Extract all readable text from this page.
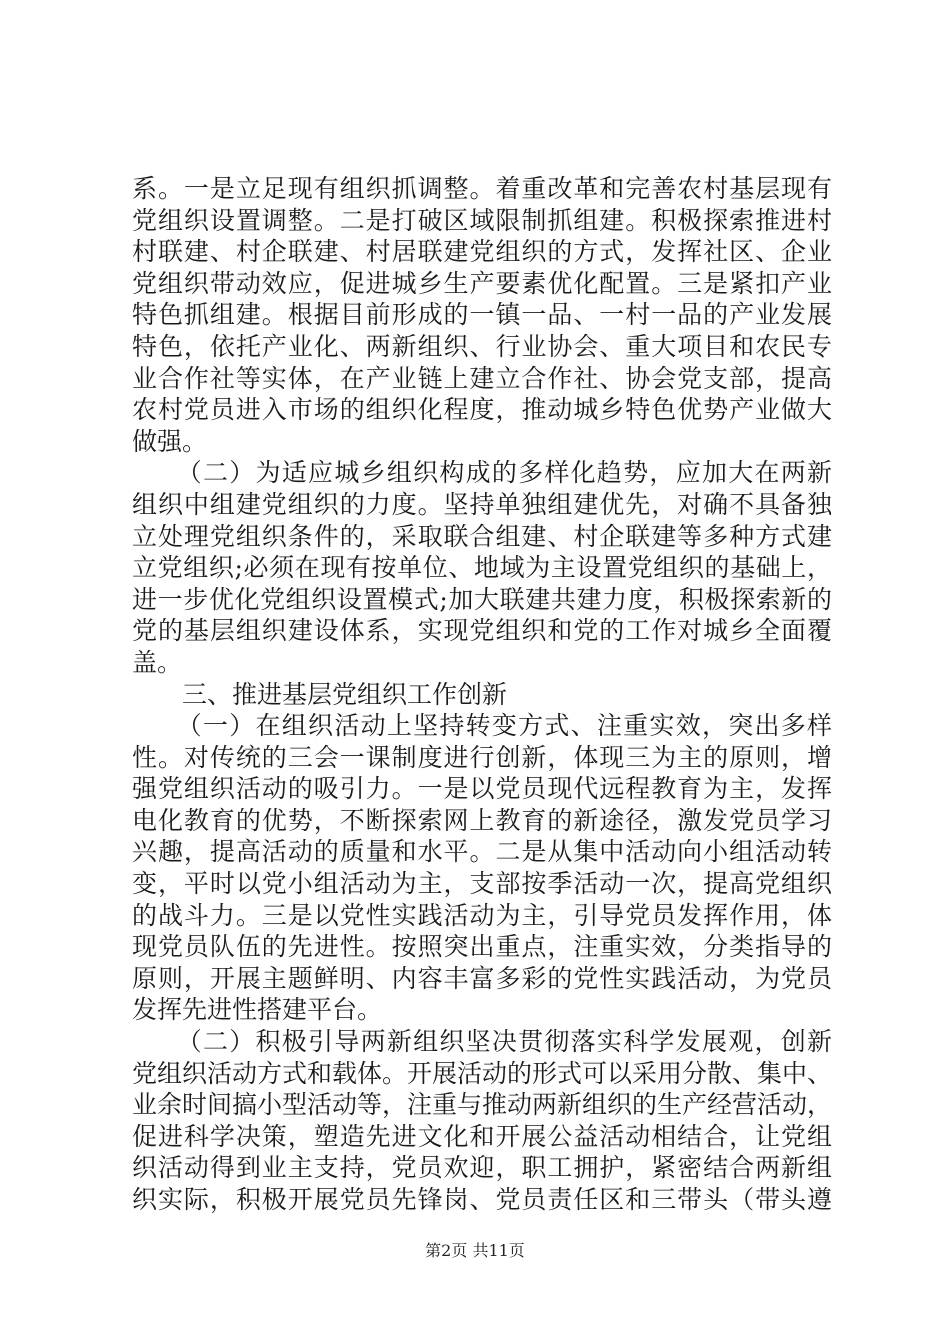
系。一是立足现有组织抓调整。着重改革和完善农村基层现有
党组织设置调整。二是打破区域限制抓组建。积极探索推进村
村联建、村企联建、村居联建党组织的方式，发挥社区、企业
党组织带动效应，促进城乡生产要素优化配置。三是紧扣产业
特色抓组建。根据目前形成的一镇一品、一村一品的产业发展
特色，依托产业化、两新组织、行业协会、重大项目和农民专
业合作社等实体，在产业链上建立合作社、协会党支部，提高
农村党员进入市场的组织化程度，推动城乡特色优势产业做大
做强。
　（二）为适应城乡组织构成的多样化趋势，应加大在两新
组织中组建党组织的力度。坚持单独组建优先，对确不具备独
立处理党组织条件的，采取联合组建、村企联建等多种方式建
立党组织;必须在现有按单位、地域为主设置党组织的基础上，
进一步优化党组织设置模式;加大联建共建力度，积极探索新的
党的基层组织建设体系，实现党组织和党的工作对城乡全面覆
盖。
三、推进基层党组织工作创新
　（一）在组织活动上坚持转变方式、注重实效，突出多样
性。对传统的三会一课制度进行创新，体现三为主的原则，增
强党组织活动的吸引力。一是以党员现代远程教育为主，发挥
电化教育的优势，不断探索网上教育的新途径，激发党员学习
兴趣，提高活动的质量和水平。二是从集中活动向小组活动转
变，平时以党小组活动为主，支部按季活动一次，提高党组织
的战斗力。三是以党性实践活动为主，引导党员发挥作用，体
现党员队伍的先进性。按照突出重点，注重实效，分类指导的
原则，开展主题鲜明、内容丰富多彩的党性实践活动，为党员
发挥先进性搭建平台。
　（二）积极引导两新组织坚决贯彻落实科学发展观，创新
党组织活动方式和载体。开展活动的形式可以采用分散、集中、
业余时间搞小型活动等，注重与推动两新组织的生产经营活动，
促进科学决策，塑造先进文化和开展公益活动相结合，让党组
织活动得到业主支持，党员欢迎，职工拥护，紧密结合两新组
织实际，积极开展党员先锋岗、党员责任区和三带头（带头遵
第2页 共11页
